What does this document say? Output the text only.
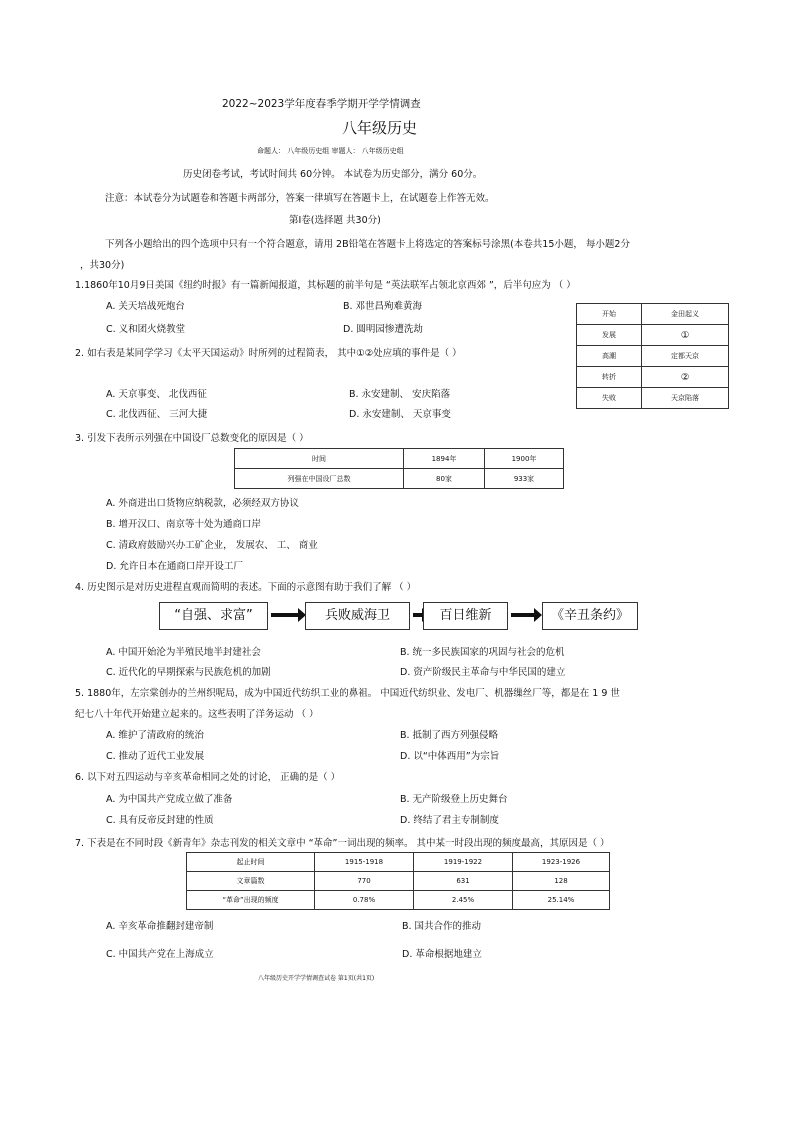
2022~2023学年度春季学期开学学情调查
八年级历史
命题人： 八年级历史组 审题人： 八年级历史组
历史闭卷考试，考试时间共 60分钟。 本试卷为历史部分，满分 60分。
注意：本试卷分为试题卷和答题卡两部分，答案一律填写在答题卡上，在试题卷上作答无效。
第Ⅰ卷(选择题 共30分)
下列各小题给出的四个选项中只有一个符合题意，请用 2B铅笔在答题卡上将选定的答案标号涂黑(本卷共15小题， 每小题2分
，共30分)
1.1860年10月9日美国《纽约时报》有一篇新闻报道，其标题的前半句是 “英法联军占领北京西郊 ”，后半句应为 （ ）
A. 关天培战死炮台	B. 邓世昌殉难黄海
C. 义和团火烧教堂	D. 圆明园惨遭洗劫
开始	金田起义
发展	①
高潮	定都天京
转折	②
失败	天京陷落
2. 如右表是某同学学习《太平天国运动》时所列的过程简表， 其中①②处应填的事件是（ ）
A. 天京事变、 北伐西征	B. 永安建制、 安庆陷落
C. 北伐西征、 三河大捷	D. 永安建制、 天京事变
3. 引发下表所示列强在中国设厂总数变化的原因是（ ）
时间	1894年	1900年
列强在中国设厂总数	80家	933家
A. 外商进出口货物应纳税款，必须经双方协议
B. 增开汉口、南京等十处为通商口岸
C. 清政府鼓励兴办工矿企业， 发展农、 工、 商业
D. 允许日本在通商口岸开设工厂
4. 历史图示是对历史进程直观而简明的表述。下面的示意图有助于我们了解 （ ）
“自强、求富”	兵败威海卫	百日维新	《辛丑条约》
A. 中国开始沦为半殖民地半封建社会	B. 统一多民族国家的巩固与社会的危机
C. 近代化的早期探索与民族危机的加剧	D. 资产阶级民主革命与中华民国的建立
5. 1880年，左宗棠创办的兰州织呢局，成为中国近代纺织工业的鼻祖。 中国近代纺织业、发电厂、机器缫丝厂等，都是在 1 9 世
纪七八十年代开始建立起来的。这些表明了洋务运动 （ ）
A. 维护了清政府的统治	B. 抵制了西方列强侵略
C. 推动了近代工业发展	D. 以“中体西用”为宗旨
6. 以下对五四运动与辛亥革命相同之处的讨论， 正确的是（ ）
A. 为中国共产党成立做了准备	B. 无产阶级登上历史舞台
C. 具有反帝反封建的性质	D. 终结了君主专制制度
7. 下表是在不同时段《新青年》杂志刊发的相关文章中 “革命”一词出现的频率。 其中某一时段出现的频度最高，其原因是（ ）
起止时间	1915-1918	1919-1922	1923-1926
文章篇数	770	631	128
“革命”出现的频度	0.78%	2.45%	25.14%
A. 辛亥革命推翻封建帝制	B. 国共合作的推动
C. 中国共产党在上海成立	D. 革命根据地建立
八年级历史开学学情调查试卷 第1页(共1页)
